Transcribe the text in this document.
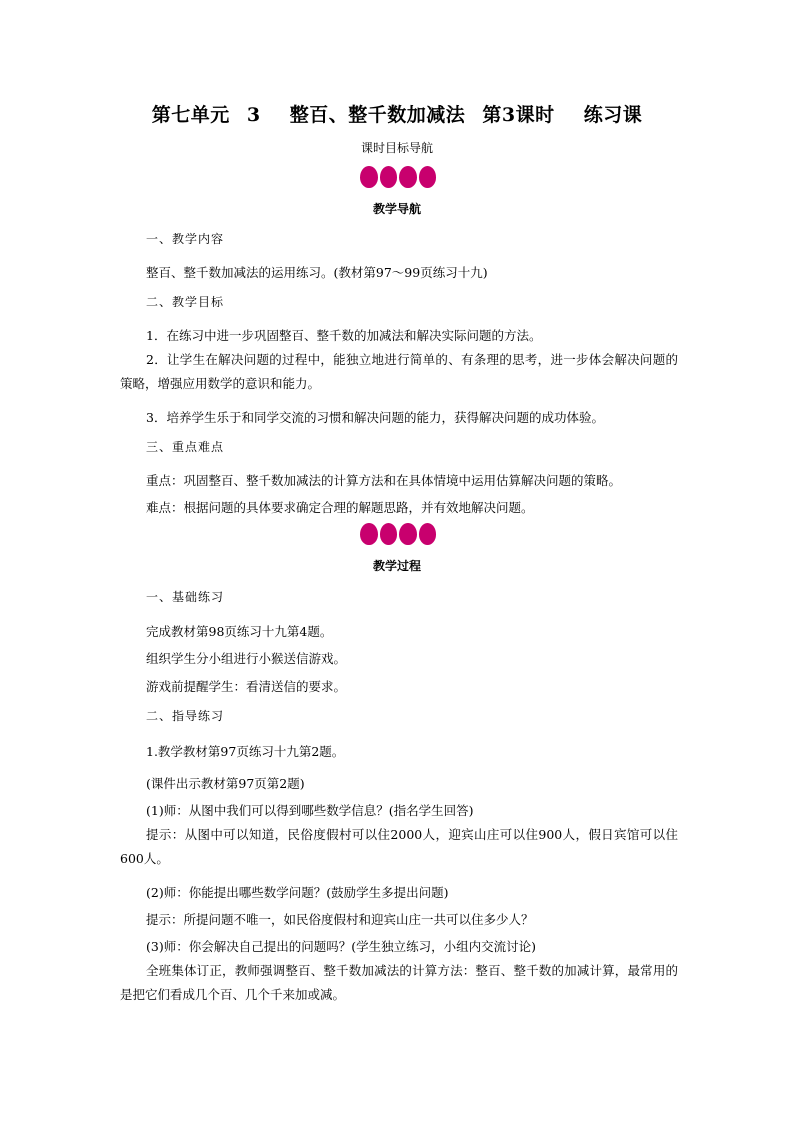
第七单元 3 整百、整千数加减法 第3课时 练习课
课时目标导航
教学导航
一、教学内容
整百、整千数加减法的运用练习。(教材第97～99页练习十九)
二、教学目标
1．在练习中进一步巩固整百、整千数的加减法和解决实际问题的方法。
2．让学生在解决问题的过程中，能独立地进行简单的、有条理的思考，进一步体会解决问题的策略，增强应用数学的意识和能力。
3．培养学生乐于和同学交流的习惯和解决问题的能力，获得解决问题的成功体验。
三、重点难点
重点：巩固整百、整千数加减法的计算方法和在具体情境中运用估算解决问题的策略。
难点：根据问题的具体要求确定合理的解题思路，并有效地解决问题。
教学过程
一、基础练习
完成教材第98页练习十九第4题。
组织学生分小组进行小猴送信游戏。
游戏前提醒学生：看清送信的要求。
二、指导练习
1.教学教材第97页练习十九第2题。
(课件出示教材第97页第2题)
(1)师：从图中我们可以得到哪些数学信息？(指名学生回答)
提示：从图中可以知道，民俗度假村可以住2000人，迎宾山庄可以住900人，假日宾馆可以住600人。
(2)师：你能提出哪些数学问题？(鼓励学生多提出问题)
提示：所提问题不唯一，如民俗度假村和迎宾山庄一共可以住多少人？
(3)师：你会解决自己提出的问题吗？(学生独立练习，小组内交流讨论)
全班集体订正，教师强调整百、整千数加减法的计算方法：整百、整千数的加减计算，最常用的是把它们看成几个百、几个千来加或减。
